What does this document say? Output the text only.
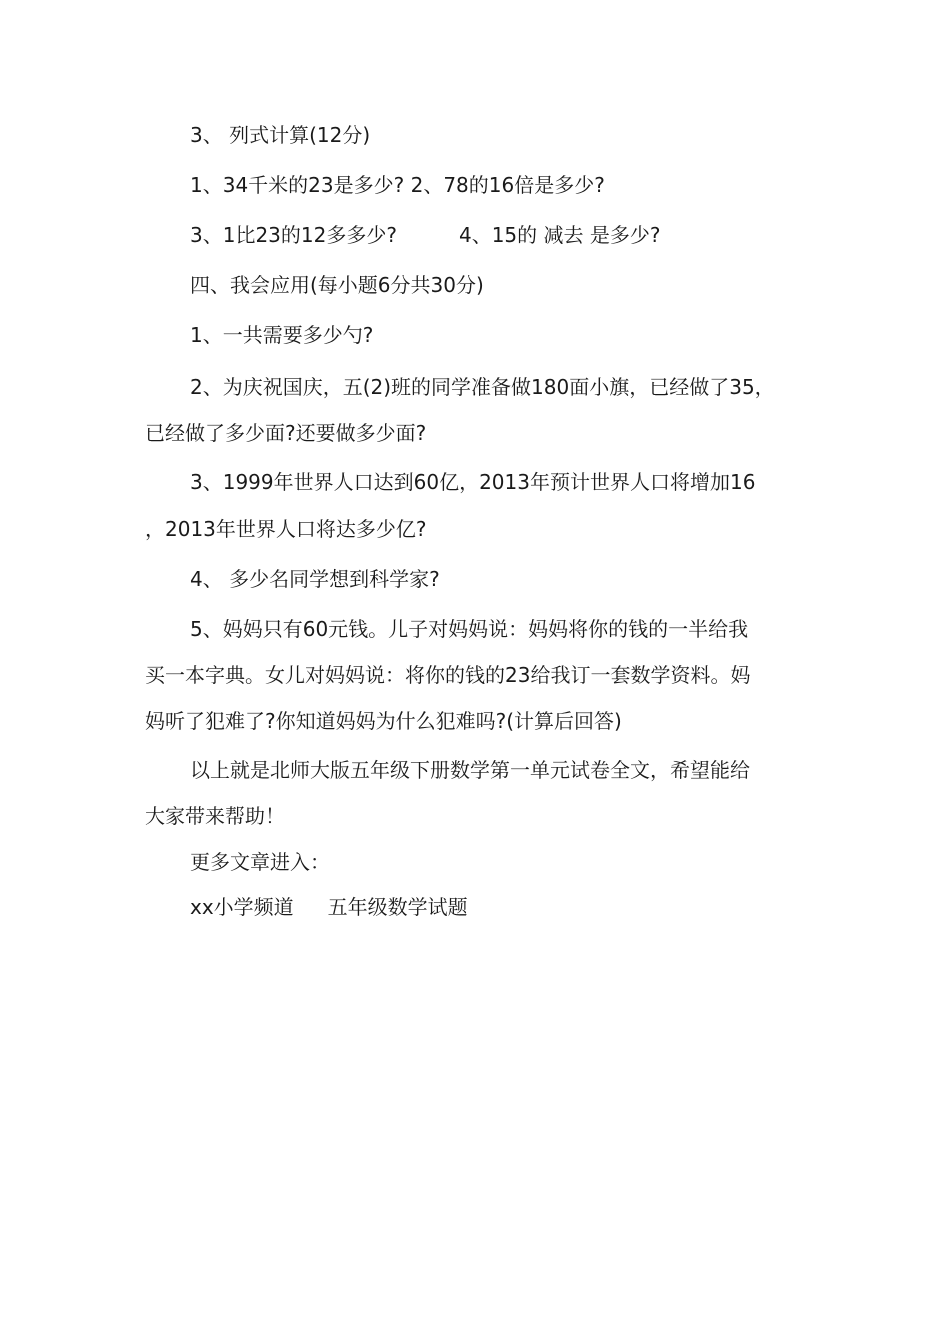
3、 列式计算(12分)
1、34千米的23是多少? 2、78的16倍是多少?
3、1比23的12多多少?	4、15的 减去 是多少?
四、我会应用(每小题6分共30分)
1、一共需要多少勺?
2、为庆祝国庆，五(2)班的同学准备做180面小旗，已经做了35，
已经做了多少面?还要做多少面?
3、1999年世界人口达到60亿，2013年预计世界人口将增加16
，2013年世界人口将达多少亿?
4、 多少名同学想到科学家?
5、妈妈只有60元钱。儿子对妈妈说：妈妈将你的钱的一半给我
买一本字典。女儿对妈妈说：将你的钱的23给我订一套数学资料。妈
妈听了犯难了?你知道妈妈为什么犯难吗?(计算后回答)
以上就是北师大版五年级下册数学第一单元试卷全文，希望能给
大家带来帮助！
更多文章进入：
xx小学频道 五年级数学试题
